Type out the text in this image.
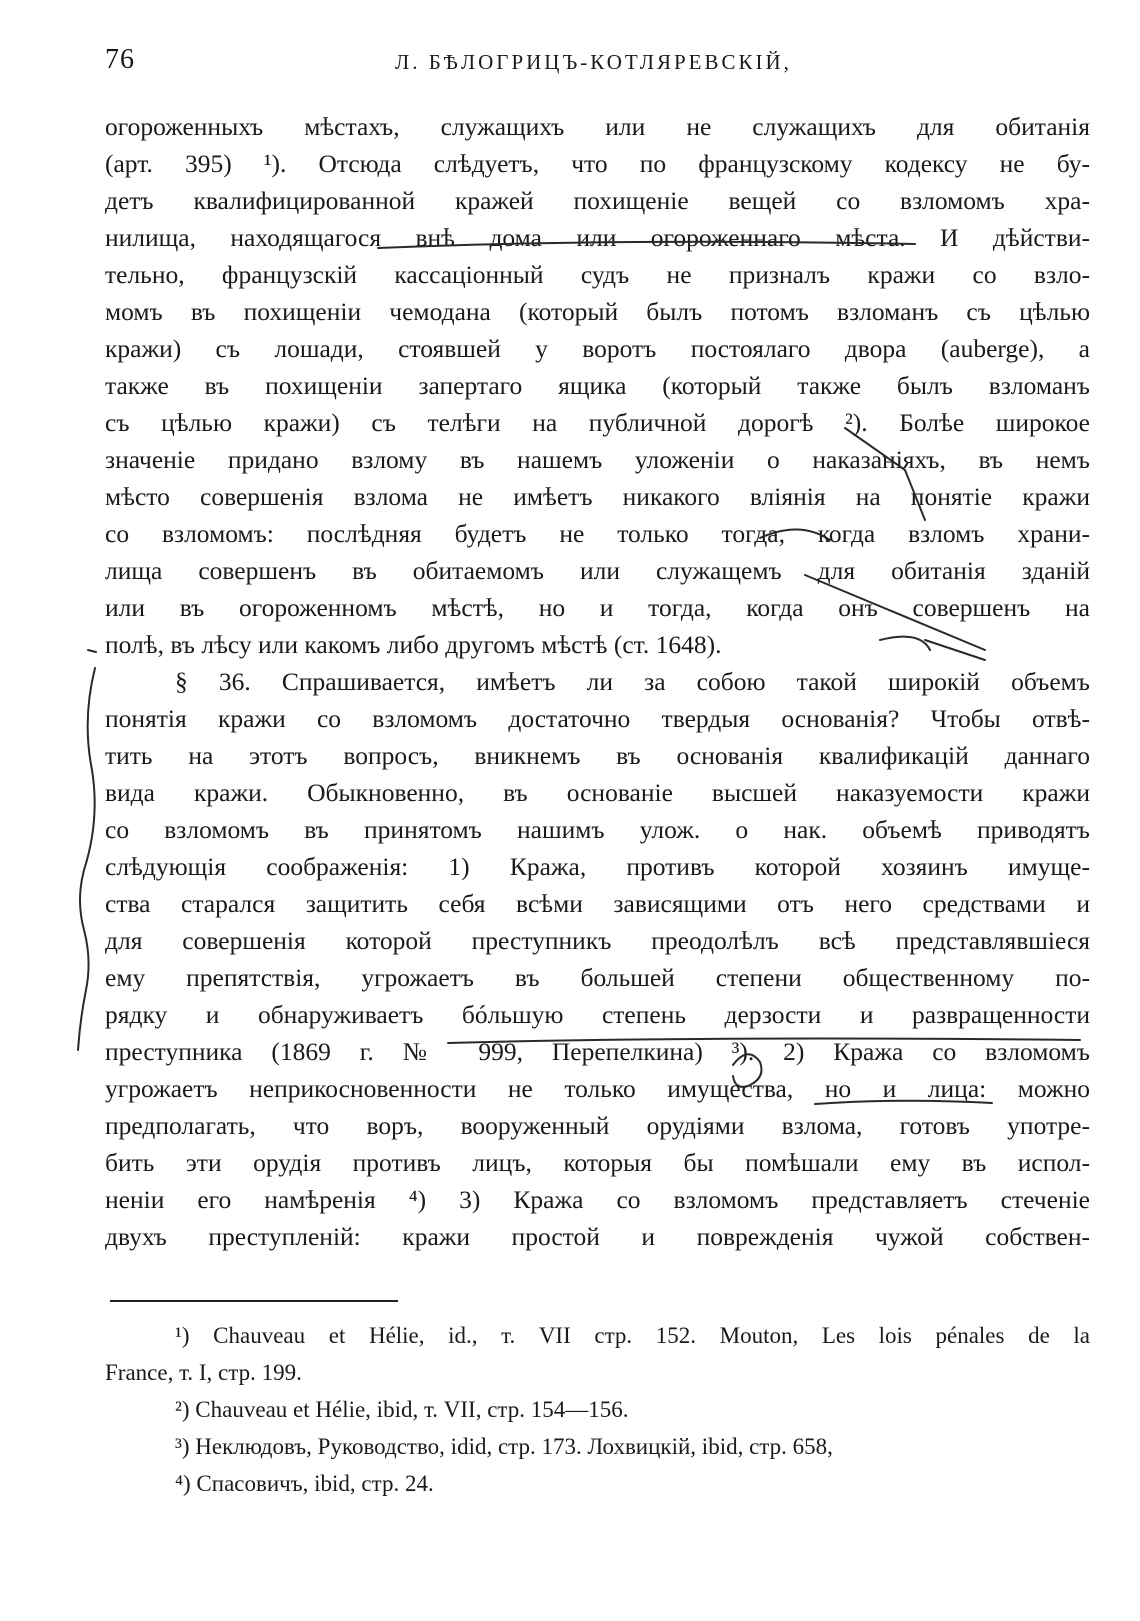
76	Л. БѢЛОГРИЦЪ-КОТЛЯРЕВСКІЙ,
огороженныхъ мѣстахъ, служащихъ или не служащихъ для обитанія
(арт. 395) ¹). Отсюда слѣдуетъ, что по французскому кодексу не бу-
детъ квалифицированной кражей похищеніе вещей со взломомъ хра-
нилища, находящагося внѣ дома или огороженнаго мѣста. И дѣйстви-
тельно, французскій кассаціонный судъ не призналъ кражи со взло-
момъ въ похищеніи чемодана (который былъ потомъ взломанъ съ цѣлью
кражи) съ лошади, стоявшей у воротъ постоялаго двора (auberge), а
также въ похищеніи запертаго ящика (который также былъ взломанъ
съ цѣлью кражи) съ телѣги на публичной дорогѣ ²). Болѣе широкое
значеніе придано взлому въ нашемъ уложеніи о наказаніяхъ, въ немъ
мѣсто совершенія взлома не имѣетъ никакого вліянія на понятіе кражи
со взломомъ: послѣдняя будетъ не только тогда, когда взломъ храни-
лища совершенъ въ обитаемомъ или служащемъ для обитанія зданій
или въ огороженномъ мѣстѣ, но и тогда, когда онъ совершенъ на
полѣ, въ лѣсу или какомъ либо другомъ мѣстѣ (ст. 1648).
§ 36. Спрашивается, имѣетъ ли за собою такой широкій объемъ
понятія кражи со взломомъ достаточно твердыя основанія? Чтобы отвѣ-
тить на этотъ вопросъ, вникнемъ въ основанія квалификацій даннаго
вида кражи. Обыкновенно, въ основаніе высшей наказуемости кражи
со взломомъ въ принятомъ нашимъ улож. о нак. объемѣ приводятъ
слѣдующія соображенія: 1) Кража, противъ которой хозяинъ имуще-
ства старался защитить себя всѣми зависящими отъ него средствами и
для совершенія которой преступникъ преодолѣлъ всѣ представлявшіеся
ему препятствія, угрожаетъ въ большей степени общественному по-
рядку и обнаруживаетъ бóльшую степень дерзости и развращенности
преступника (1869 г. № 999, Перепелкина) ³). 2) Кража со взломомъ
угрожаетъ неприкосновенности не только имущества, но и лица: можно
предполагать, что воръ, вооруженный орудіями взлома, готовъ употре-
бить эти орудія противъ лицъ, которыя бы помѣшали ему въ испол-
неніи его намѣренія ⁴) 3) Кража со взломомъ представляетъ стеченіе
двухъ преступленій: кражи простой и поврежденія чужой собствен-
¹) Chauveau et Hélie, id., т. VII стр. 152. Mouton, Les lois pénales de la
France, т. I, стр. 199.
²) Chauveau et Hélie, ibid, т. VII, стр. 154—156.
³) Неклюдовъ, Руководство, idid, стр. 173. Лохвицкій, ibid, стр. 658,
⁴) Спасовичъ, ibid, стр. 24.
